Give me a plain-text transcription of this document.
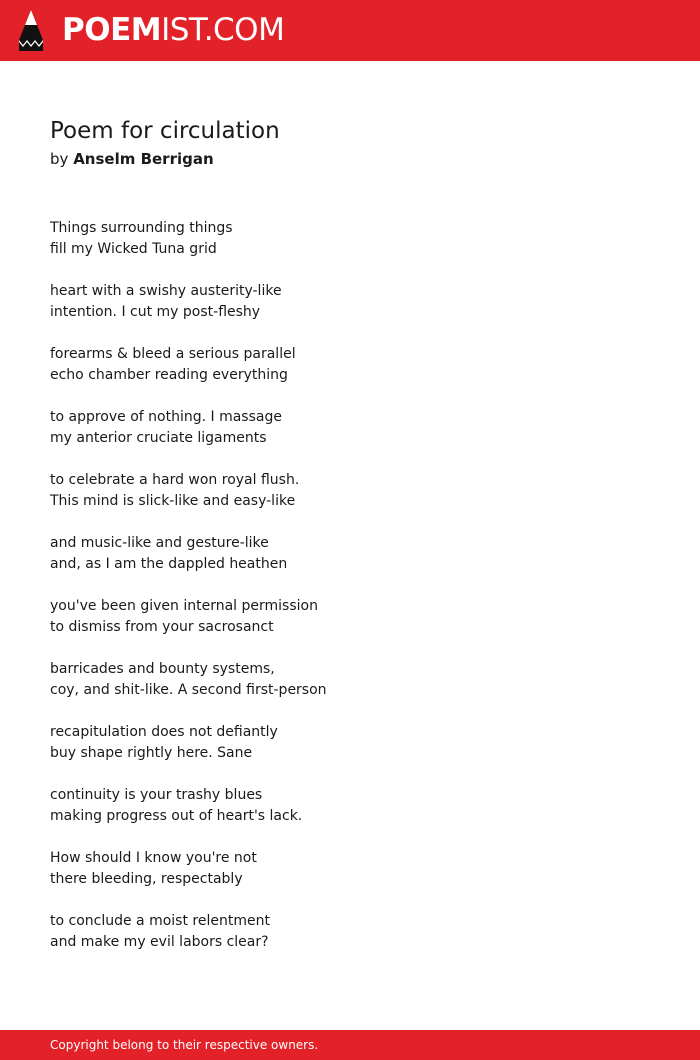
POEMIST.COM
Poem for circulation
by Anselm Berrigan
Things surrounding things
fill my Wicked Tuna grid
heart with a swishy austerity-like
intention. I cut my post-fleshy
forearms & bleed a serious parallel
echo chamber reading everything
to approve of nothing. I massage
my anterior cruciate ligaments
to celebrate a hard won royal flush.
This mind is slick-like and easy-like
and music-like and gesture-like
and, as I am the dappled heathen
you've been given internal permission
to dismiss from your sacrosanct
barricades and bounty systems,
coy, and shit-like. A second first-person
recapitulation does not defiantly
buy shape rightly here. Sane
continuity is your trashy blues
making progress out of heart's lack.
How should I know you're not
there bleeding, respectably
to conclude a moist relentment
and make my evil labors clear?
Copyright belong to their respective owners.
